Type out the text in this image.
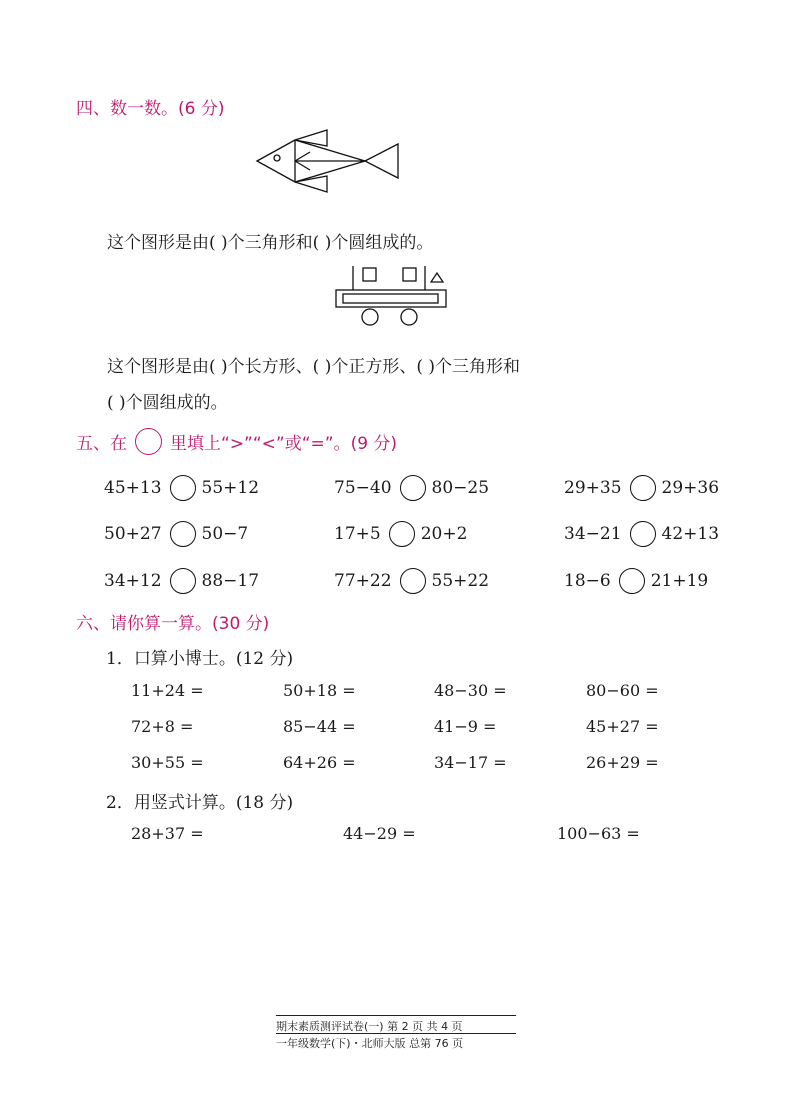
四、数一数。(6 分)
这个图形是由( )个三角形和( )个圆组成的。
这个图形是由( )个长方形、( )个正方形、( )个三角形和
( )个圆组成的。
五、在	里填上“>”“<”或“=”。(9 分)
45+13 55+12	75−40 80−25	29+35 29+36
50+27 50−7	17+5 20+2	34−21 42+13
34+12 88−17	77+22 55+22	18−6 21+19
六、请你算一算。(30 分)
1．口算小博士。(12 分)
11+24 =	50+18 =	48−30 =	80−60 =
72+8 =	85−44 =	41−9 =	45+27 =
30+55 =	64+26 =	34−17 =	26+29 =
2．用竖式计算。(18 分)
28+37 =	44−29 =	100−63 =
期末素质测评试卷(一) 第 2 页 共 4 页
一年级数学(下)・北师大版 总第 76 页
